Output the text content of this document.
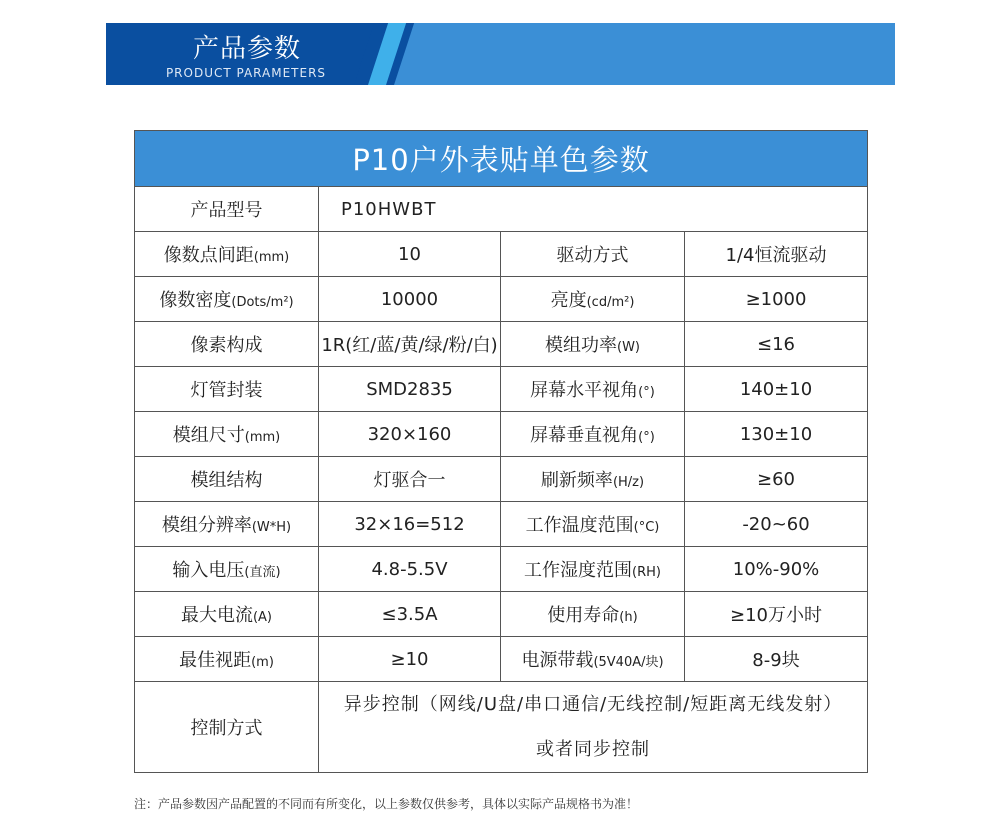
产品参数
PRODUCT PARAMETERS
P10户外表贴单色参数			
产品型号	P10HWBT		
像数点间距(mm)	10	驱动方式	1/4恒流驱动
像数密度(Dots/m²)	10000	亮度(cd/m²)	≥1000
像素构成	1R(红/蓝/黄/绿/粉/白)	模组功率(W)	≤16
灯管封装	SMD2835	屏幕水平视角(°)	140±10
模组尺寸(mm)	320×160	屏幕垂直视角(°)	130±10
模组结构	灯驱合一	刷新频率(H/z)	≥60
模组分辨率(W*H)	32×16=512	工作温度范围(°C)	-20~60
输入电压(直流)	4.8-5.5V	工作湿度范围(RH)	10%-90%
最大电流(A)	≤3.5A	使用寿命(h)	≥10万小时
最佳视距(m)	≥10	电源带载(5V40A/块)	8-9块
控制方式	异步控制（网线/U盘/串口通信/无线控制/短距离无线发射）或者同步控制		
注：产品参数因产品配置的不同而有所变化，以上参数仅供参考，具体以实际产品规格书为准！
